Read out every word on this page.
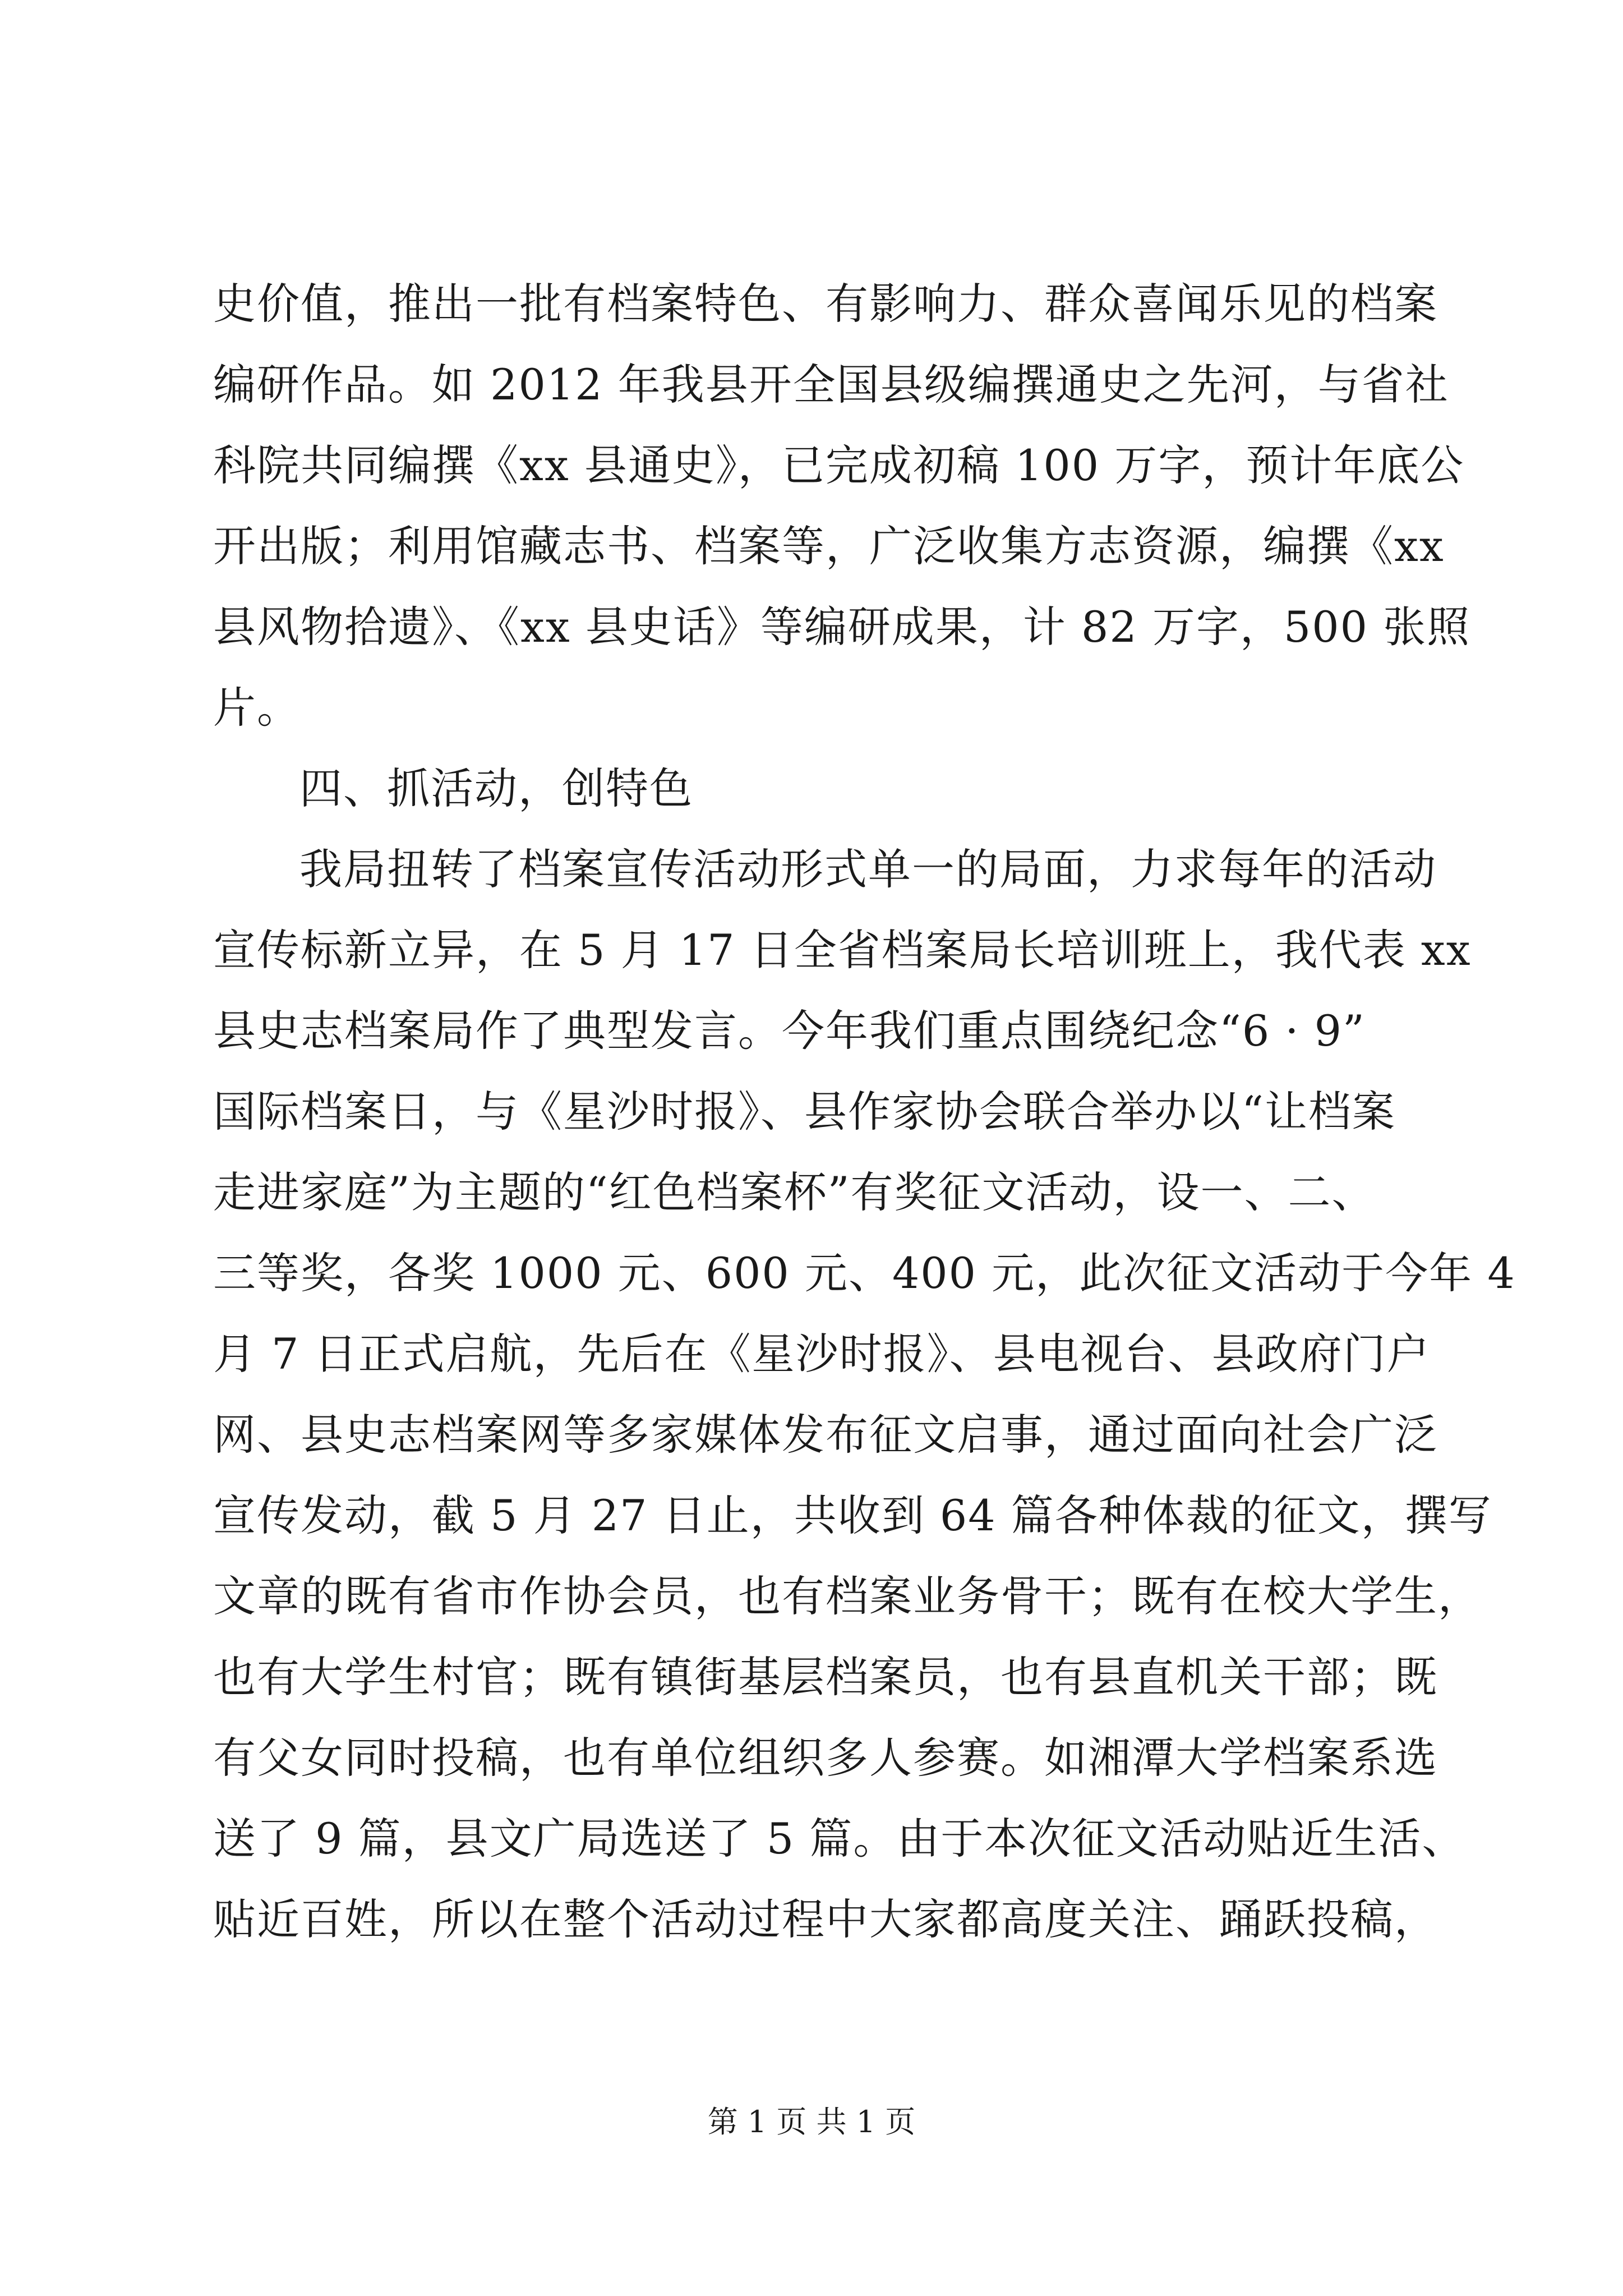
史价值，推出一批有档案特色、有影响力、群众喜闻乐见的档案
编研作品。如 2012 年我县开全国县级编撰通史之先河，与省社
科院共同编撰《xx 县通史》，已完成初稿 100 万字，预计年底公
开出版；利用馆藏志书、档案等，广泛收集方志资源，编撰《xx
县风物拾遗》、《xx 县史话》等编研成果，计 82 万字，500 张照
片。
四、抓活动，创特色
我局扭转了档案宣传活动形式单一的局面，力求每年的活动
宣传标新立异，在 5 月 17 日全省档案局长培训班上，我代表 xx
县史志档案局作了典型发言。今年我们重点围绕纪念“6 · 9”
国际档案日，与《星沙时报》、县作家协会联合举办以“让档案
走进家庭”为主题的“红色档案杯”有奖征文活动，设一、二、
三等奖，各奖 1000 元、600 元、400 元，此次征文活动于今年 4
月 7 日正式启航，先后在《星沙时报》、县电视台、县政府门户
网、县史志档案网等多家媒体发布征文启事，通过面向社会广泛
宣传发动，截 5 月 27 日止，共收到 64 篇各种体裁的征文，撰写
文章的既有省市作协会员，也有档案业务骨干；既有在校大学生，
也有大学生村官；既有镇街基层档案员，也有县直机关干部；既
有父女同时投稿，也有单位组织多人参赛。如湘潭大学档案系选
送了 9 篇，县文广局选送了 5 篇。由于本次征文活动贴近生活、
贴近百姓，所以在整个活动过程中大家都高度关注、踊跃投稿，
第 1 页 共 1 页
